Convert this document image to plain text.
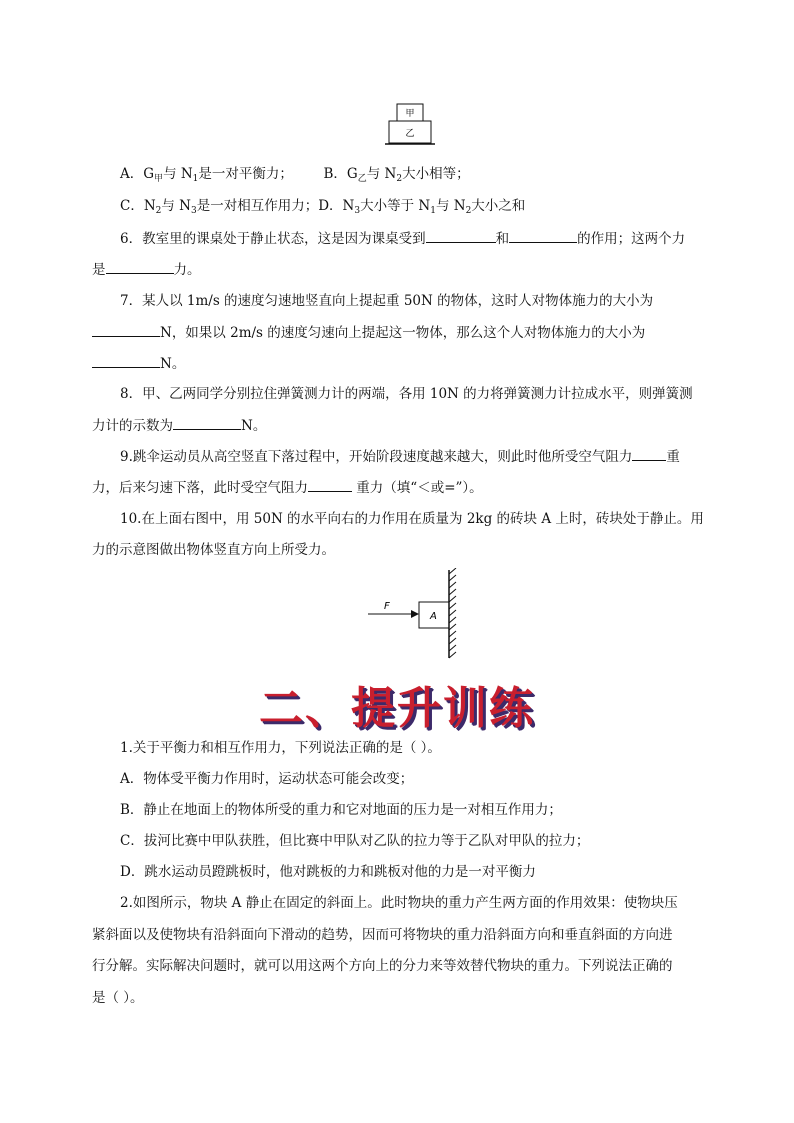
甲
乙
A．$G_甲$与 $N_1$是一对平衡力； B．$G_乙$与 $N_2$大小相等；
C．$N_2$与 $N_3$是一对相互作用力；D．$N_3$大小等于 $N_1$与 $N_2$大小之和
6．教室里的课桌处于静止状态，这是因为课桌受到	和	的作用；这两个力
是	力。
7．某人以 1m/s 的速度匀速地竖直向上提起重 50N 的物体，这时人对物体施力的大小为
N，如果以 2m/s 的速度匀速向上提起这一物体，那么这个人对物体施力的大小为
N。
8．甲、乙两同学分别拉住弹簧测力计的两端，各用 10N 的力将弹簧测力计拉成水平，则弹簧测
力计的示数为	N。
9.跳伞运动员从高空竖直下落过程中，开始阶段速度越来越大，则此时他所受空气阻力	重
力，后来匀速下落，此时受空气阻力	重力（填“＜或=”）。
10.在上面右图中，用 50N 的水平向右的力作用在质量为 2kg 的砖块 A 上时，砖块处于静止。用
力的示意图做出物体竖直方向上所受力。
F
A
二、提升训练
1.关于平衡力和相互作用力，下列说法正确的是（ ）。
A．物体受平衡力作用时，运动状态可能会改变；
B．静止在地面上的物体所受的重力和它对地面的压力是一对相互作用力；
C．拔河比赛中甲队获胜，但比赛中甲队对乙队的拉力等于乙队对甲队的拉力；
D．跳水运动员蹬跳板时，他对跳板的力和跳板对他的力是一对平衡力
2.如图所示，物块 A 静止在固定的斜面上。此时物块的重力产生两方面的作用效果：使物块压
紧斜面以及使物块有沿斜面向下滑动的趋势，因而可将物块的重力沿斜面方向和垂直斜面的方向进
行分解。实际解决问题时，就可以用这两个方向上的分力来等效替代物块的重力。下列说法正确的
是（ ）。
